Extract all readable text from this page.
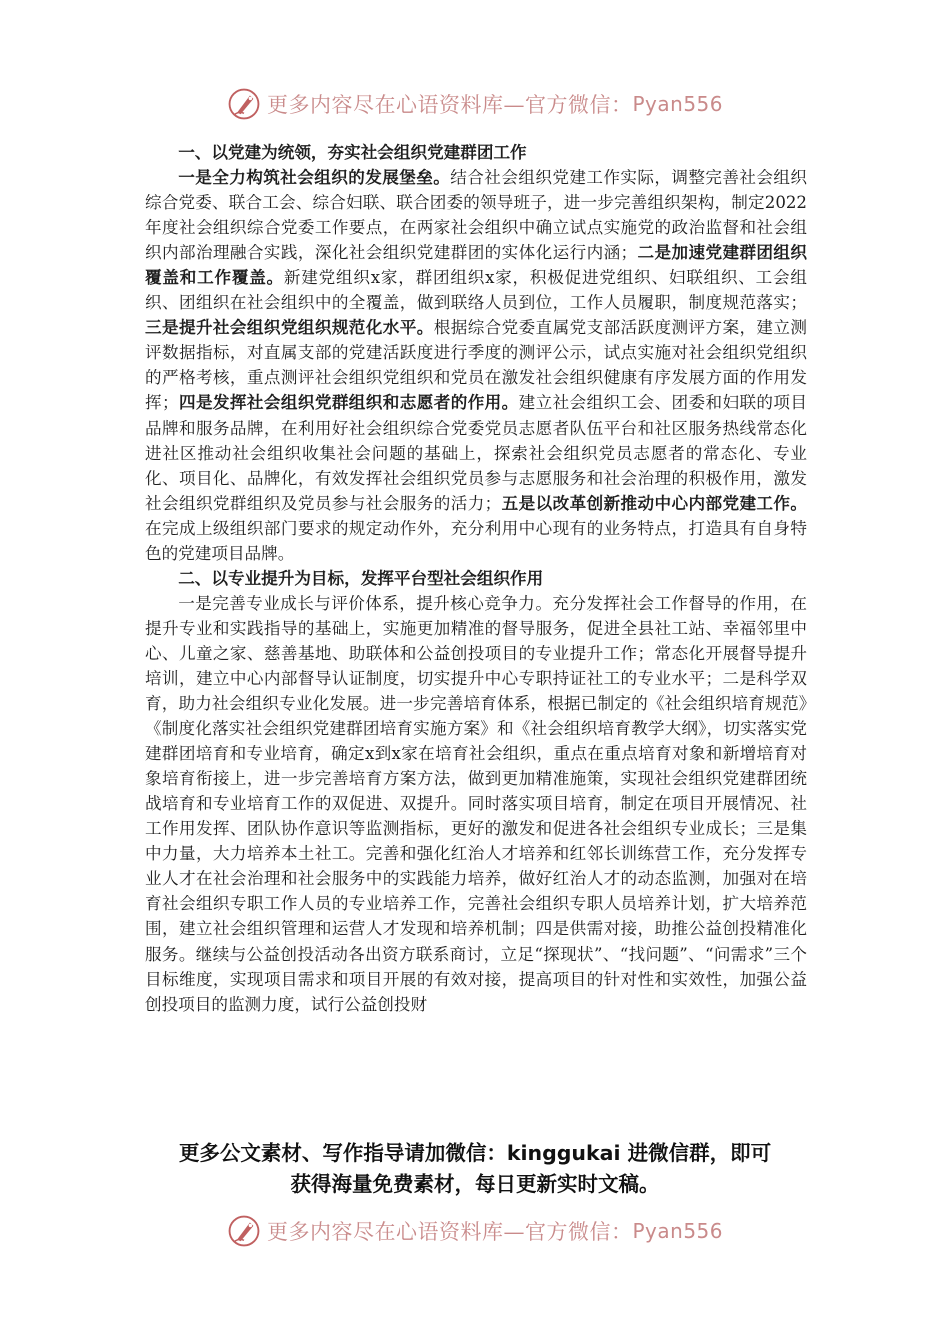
更多内容尽在心语资料库—官方微信： Pyan556
一、以党建为统领，夯实社会组织党建群团工作

一是全力构筑社会组织的发展堡垒。结合社会组织党建工作实际，调整完善社会组织综合党委、联合工会、综合妇联、联合团委的领导班子，进一步完善组织架构，制定2022年度社会组织综合党委工作要点，在两家社会组织中确立试点实施党的政治监督和社会组织内部治理融合实践，深化社会组织党建群团的实体化运行内涵；二是加速党建群团组织覆盖和工作覆盖。新建党组织x家，群团组织x家，积极促进党组织、妇联组织、工会组织、团组织在社会组织中的全覆盖，做到联络人员到位，工作人员履职，制度规范落实；三是提升社会组织党组织规范化水平。根据综合党委直属党支部活跃度测评方案，建立测评数据指标，对直属支部的党建活跃度进行季度的测评公示，试点实施对社会组织党组织的严格考核，重点测评社会组织党组织和党员在激发社会组织健康有序发展方面的作用发挥；四是发挥社会组织党群组织和志愿者的作用。建立社会组织工会、团委和妇联的项目品牌和服务品牌，在利用好社会组织综合党委党员志愿者队伍平台和社区服务热线常态化进社区推动社会组织收集社会问题的基础上，探索社会组织党员志愿者的常态化、专业化、项目化、品牌化，有效发挥社会组织党员参与志愿服务和社会治理的积极作用，激发社会组织党群组织及党员参与社会服务的活力；五是以改革创新推动中心内部党建工作。在完成上级组织部门要求的规定动作外，充分利用中心现有的业务特点，打造具有自身特色的党建项目品牌。

二、以专业提升为目标，发挥平台型社会组织作用

一是完善专业成长与评价体系，提升核心竞争力。充分发挥社会工作督导的作用，在提升专业和实践指导的基础上，实施更加精准的督导服务，促进全县社工站、幸福邻里中心、儿童之家、慈善基地、助联体和公益创投项目的专业提升工作；常态化开展督导提升培训，建立中心内部督导认证制度，切实提升中心专职持证社工的专业水平；二是科学双育，助力社会组织专业化发展。进一步完善培育体系，根据已制定的《社会组织培育规范》《制度化落实社会组织党建群团培育实施方案》和《社会组织培育教学大纲》，切实落实党建群团培育和专业培育，确定x到x家在培育社会组织，重点在重点培育对象和新增培育对象培育衔接上，进一步完善培育方案方法，做到更加精准施策，实现社会组织党建群团统战培育和专业培育工作的双促进、双提升。同时落实项目培育，制定在项目开展情况、社工作用发挥、团队协作意识等监测指标，更好的激发和促进各社会组织专业成长；三是集中力量，大力培养本土社工。完善和强化红治人才培养和红邻长训练营工作，充分发挥专业人才在社会治理和社会服务中的实践能力培养，做好红治人才的动态监测，加强对在培育社会组织专职工作人员的专业培养工作，完善社会组织专职人员培养计划，扩大培养范围，建立社会组织管理和运营人才发现和培养机制；四是供需对接，助推公益创投精准化服务。继续与公益创投活动各出资方联系商讨，立足“探现状”、“找问题”、“问需求”三个目标维度，实现项目需求和项目开展的有效对接，提高项目的针对性和实效性，加强公益创投项目的监测力度，试行公益创投财

更多公文素材、写作指导请加微信：kinggukai 进微信群，即可
获得海量免费素材，每日更新实时文稿。
更多内容尽在心语资料库—官方微信： Pyan556
